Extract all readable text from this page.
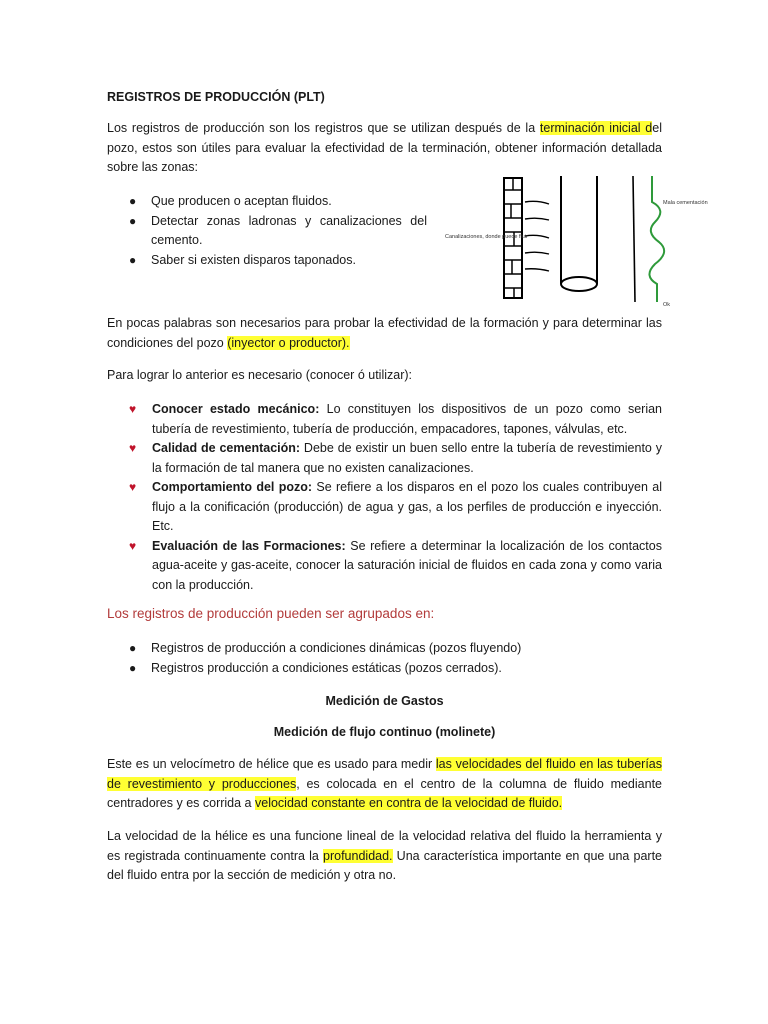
REGISTROS DE PRODUCCIÓN (PLT)

Los registros de producción son los registros que se utilizan después de la terminación inicial del pozo, estos son útiles para evaluar la efectividad de la terminación, obtener información detallada sobre las zonas:

● Que producen o aceptan fluidos.
● Detectar zonas ladronas y canalizaciones del cemento.
● Saber si existen disparos taponados.
Canalizaciones, donde puede fluir
Mala cementación
Ok

En pocas palabras son necesarios para probar la efectividad de la formación y para determinar las condiciones del pozo (inyector o productor).

Para lograr lo anterior es necesario (conocer ó utilizar):

♥ Conocer estado mecánico: Lo constituyen los dispositivos de un pozo como serian tubería de revestimiento, tubería de producción, empacadores, tapones, válvulas, etc.
♥ Calidad de cementación: Debe de existir un buen sello entre la tubería de revestimiento y la formación de tal manera que no existen canalizaciones.
♥ Comportamiento del pozo: Se refiere a los disparos en el pozo los cuales contribuyen al flujo a la conificación (producción) de agua y gas, a los perfiles de producción e inyección. Etc.
♥ Evaluación de las Formaciones: Se refiere a determinar la localización de los contactos agua-aceite y gas-aceite, conocer la saturación inicial de fluidos en cada zona y como varia con la producción.
Los registros de producción pueden ser agrupados en:
● Registros de producción a condiciones dinámicas (pozos fluyendo)
● Registros producción a condiciones estáticas (pozos cerrados).
Medición de Gastos
Medición de flujo continuo (molinete)

Este es un velocímetro de hélice que es usado para medir las velocidades del fluido en las tuberías de revestimiento y producciones, es colocada en el centro de la columna de fluido mediante centradores y es corrida a velocidad constante en contra de la velocidad de fluido.

La velocidad de la hélice es una funcione lineal de la velocidad relativa del fluido la herramienta y es registrada continuamente contra la profundidad. Una característica importante en que una parte del fluido entra por la sección de medición y otra no.
